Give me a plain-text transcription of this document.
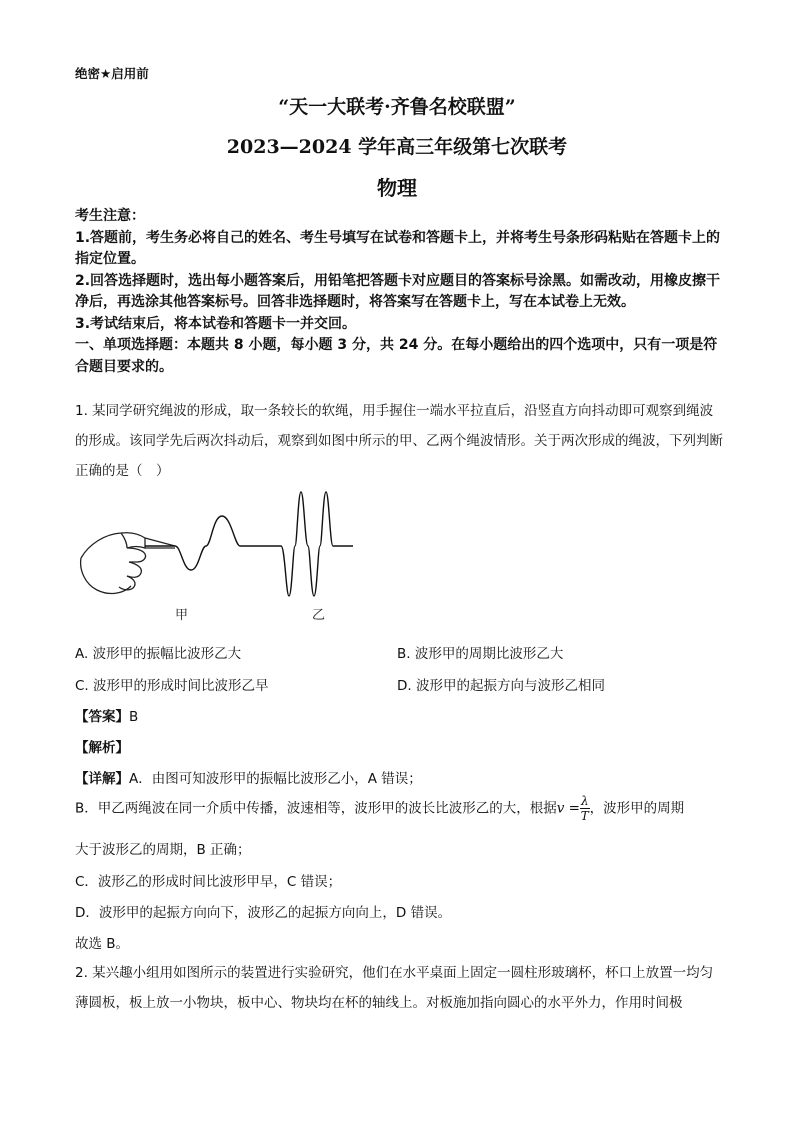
绝密★启用前
“天一大联考·齐鲁名校联盟”
2023—2024 学年高三年级第七次联考
物理

考生注意：

1.答题前，考生务必将自己的姓名、考生号填写在试卷和答题卡上，并将考生号条形码粘贴在答题卡上的指定位置。

2.回答选择题时，选出每小题答案后，用铅笔把答题卡对应题目的答案标号涂黑。如需改动，用橡皮擦干净后，再选涂其他答案标号。回答非选择题时，将答案写在答题卡上，写在本试卷上无效。

3.考试结束后，将本试卷和答题卡一并交回。

一、单项选择题：本题共 8 小题，每小题 3 分，共 24 分。在每小题给出的四个选项中，只有一项是符合题目要求的。

1. 某同学研究绳波的形成，取一条较长的软绳，用手握住一端水平拉直后，沿竖直方向抖动即可观察到绳波的形成。该同学先后两次抖动后，观察到如图中所示的甲、乙两个绳波情形。关于两次形成的绳波，下列判断正确的是（　）

甲	乙
A. 波形甲的振幅比波形乙大	B. 波形甲的周期比波形乙大
C. 波形甲的形成时间比波形乙早	D. 波形甲的起振方向与波形乙相同
【答案】B
【解析】
【详解】A．由图可知波形甲的振幅比波形乙小，A 错误；
B．甲乙两绳波在同一介质中传播，波速相等，波形甲的波长比波形乙的大，根据$v = \frac{\lambda}{T}$ ，波形甲的周期
大于波形乙的周期，B 正确；
C．波形乙的形成时间比波形甲早，C 错误；
D．波形甲的起振方向向下，波形乙的起振方向向上，D 错误。
故选 B。

2. 某兴趣小组用如图所示的装置进行实验研究，他们在水平桌面上固定一圆柱形玻璃杯，杯口上放置一均匀薄圆板，板上放一小物块，板中心、物块均在杯的轴线上。对板施加指向圆心的水平外力，作用时间极
